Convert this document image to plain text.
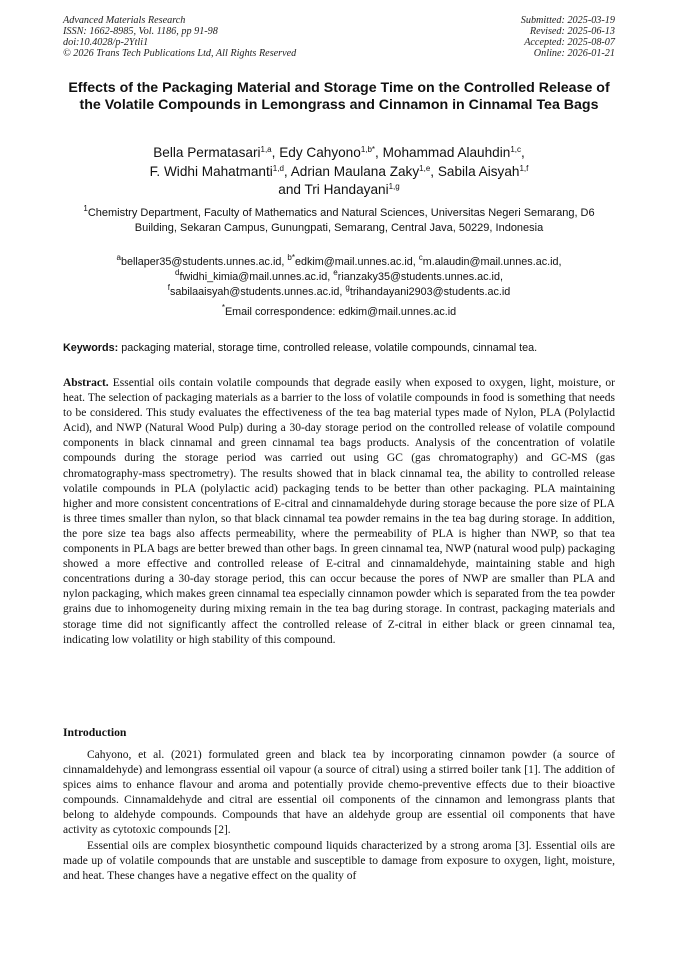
Advanced Materials Research
ISSN: 1662-8985, Vol. 1186, pp 91-98
doi:10.4028/p-2Ytli1
© 2026 Trans Tech Publications Ltd, All Rights Reserved
Submitted: 2025-03-19
Revised: 2025-06-13
Accepted: 2025-08-07
Online: 2026-01-21
Effects of the Packaging Material and Storage Time on the Controlled Release of the Volatile Compounds in Lemongrass and Cinnamon in Cinnamal Tea Bags
Bella Permatasari$^{1,a}$, Edy Cahyono$^{1,b*}$, Mohammad Alauhdin$^{1,c}$,
F. Widhi Mahatmanti$^{1,d}$, Adrian Maulana Zaky$^{1,e}$, Sabila Aisyah$^{1,f}$
and Tri Handayani$^{1,g}$
$^1$Chemistry Department, Faculty of Mathematics and Natural Sciences, Universitas Negeri Semarang, D6 Building, Sekaran Campus, Gunungpati, Semarang, Central Java, 50229, Indonesia
$^a$bellaper35@students.unnes.ac.id, $^{b*}$edkim@mail.unnes.ac.id, $^c$m.alaudin@mail.unnes.ac.id,
$^d$fwidhi_kimia@mail.unnes.ac.id, $^e$rianzaky35@students.unnes.ac.id,
$^f$sabilaaisyah@students.unnes.ac.id, $^g$trihandayani2903@students.ac.id
*Email correspondence: edkim@mail.unnes.ac.id
Keywords: packaging material, storage time, controlled release, volatile compounds, cinnamal tea.

Abstract. Essential oils contain volatile compounds that degrade easily when exposed to oxygen, light, moisture, or heat. The selection of packaging materials as a barrier to the loss of volatile compounds in food is something that needs to be considered. This study evaluates the effectiveness of the tea bag material types made of Nylon, PLA (Polylactid Acid), and NWP (Natural Wood Pulp) during a 30-day storage period on the controlled release of volatile compound components in black cinnamal and green cinnamal tea bags products. Analysis of the concentration of volatile compounds during the storage period was carried out using GC (gas chromatography) and GC-MS (gas chromatography-mass spectrometry). The results showed that in black cinnamal tea, the ability to controlled release volatile compounds in PLA (polylactic acid) packaging tends to be better than other packaging. PLA maintaining higher and more consistent concentrations of E-citral and cinnamaldehyde during storage because the pore size of PLA is three times smaller than nylon, so that black cinnamal tea powder remains in the tea bag during storage. In addition, the pore size tea bags also affects permeability, where the permeability of PLA is higher than NWP, so that tea components in PLA bags are better brewed than other bags. In green cinnamal tea, NWP (natural wood pulp) packaging showed a more effective and controlled release of E-citral and cinnamaldehyde, maintaining stable and high concentrations during a 30-day storage period, this can occur because the pores of NWP are smaller than PLA and nylon packaging, which makes green cinnamal tea especially cinnamon powder which is separated from the tea powder grains due to inhomogeneity during mixing remain in the tea bag during storage. In contrast, packaging materials and storage time did not significantly affect the controlled release of Z-citral in either black or green cinnamal tea, indicating low volatility or high stability of this compound.

Introduction

Cahyono, et al. (2021) formulated green and black tea by incorporating cinnamon powder (a source of cinnamaldehyde) and lemongrass essential oil vapour (a source of citral) using a stirred boiler tank [1]. The addition of spices aims to enhance flavour and aroma and potentially provide chemo-preventive effects due to their bioactive compounds. Cinnamaldehyde and citral are essential oil components of the cinnamon and lemongrass plants that belong to aldehyde compounds. Compounds that have an aldehyde group are essential oil components that have activity as cytotoxic compounds [2].

Essential oils are complex biosynthetic compound liquids characterized by a strong aroma [3]. Essential oils are made up of volatile compounds that are unstable and susceptible to damage from exposure to oxygen, light, moisture, and heat. These changes have a negative effect on the quality of
